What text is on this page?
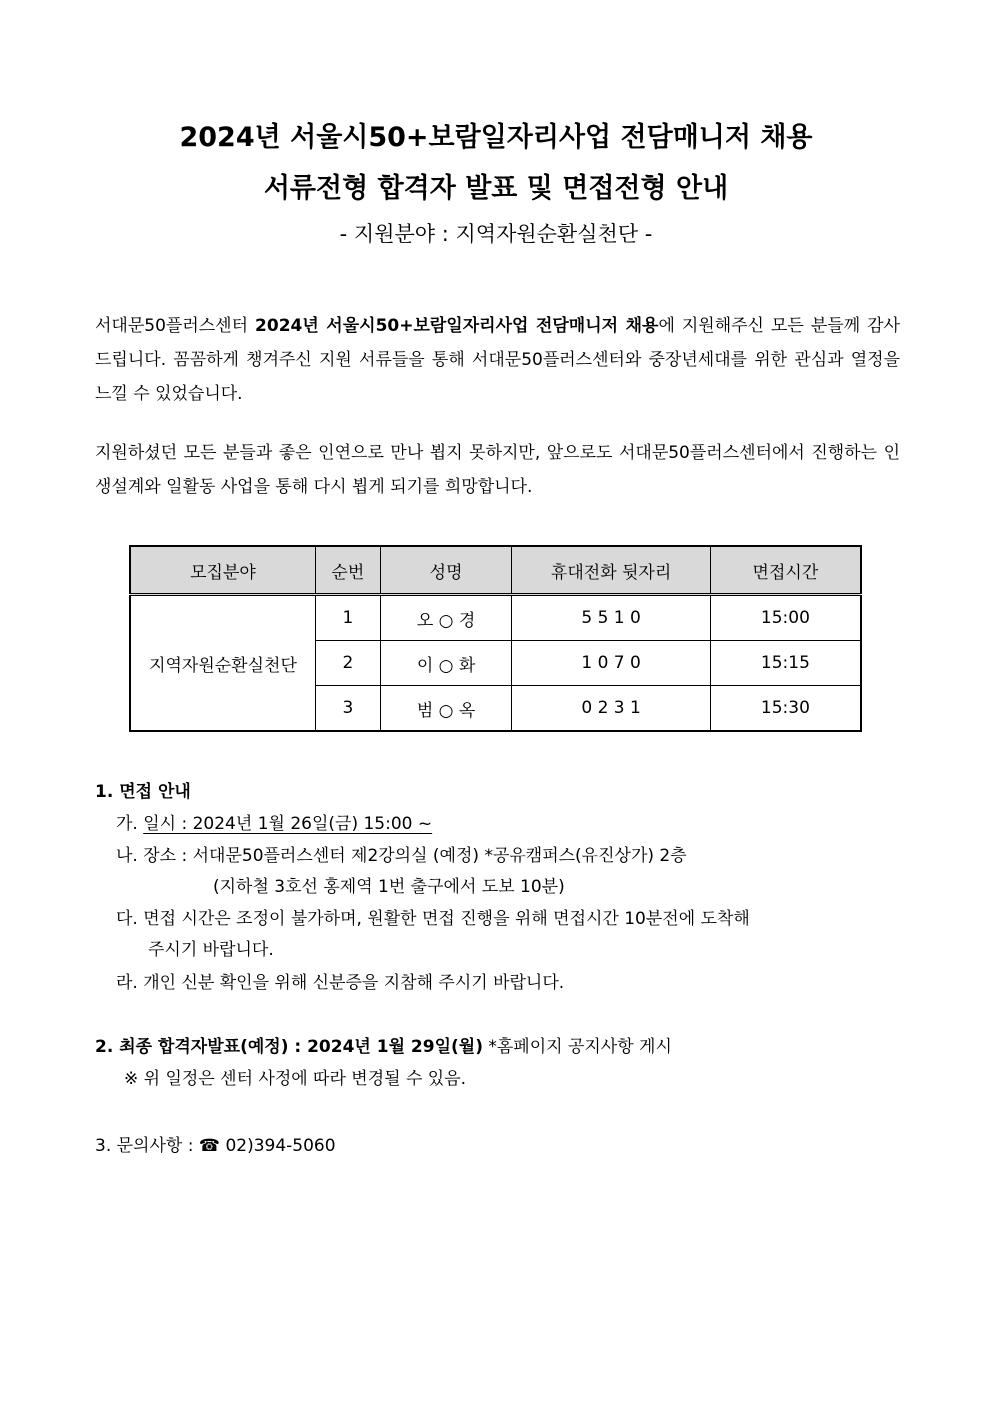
2024년 서울시50+보람일자리사업 전담매니저 채용
서류전형 합격자 발표 및 면접전형 안내
- 지원분야 : 지역자원순환실천단 -
서대문50플러스센터 2024년 서울시50+보람일자리사업 전담매니저 채용에 지원해주신 모든 분들께 감사드립니다. 꼼꼼하게 챙겨주신 지원 서류들을 통해 서대문50플러스센터와 중장년세대를 위한 관심과 열정을 느낄 수 있었습니다.
지원하셨던 모든 분들과 좋은 인연으로 만나 뵙지 못하지만, 앞으로도 서대문50플러스센터에서 진행하는 인생설계와 일활동 사업을 통해 다시 뵙게 되기를 희망합니다.
모집분야	순번	성명	휴대전화 뒷자리	면접시간
지역자원순환실천단	1	오 ○ 경	5 5 1 0	15:00
	2	이 ○ 화	1 0 7 0	15:15
	3	범 ○ 옥	0 2 3 1	15:30
1. 면접 안내
가. 일시 : 2024년 1월 26일(금) 15:00 ~
나. 장소 : 서대문50플러스센터 제2강의실 (예정) *공유캠퍼스(유진상가) 2층
(지하철 3호선 홍제역 1번 출구에서 도보 10분)
다. 면접 시간은 조정이 불가하며, 원활한 면접 진행을 위해 면접시간 10분전에 도착해
주시기 바랍니다.
라. 개인 신분 확인을 위해 신분증을 지참해 주시기 바랍니다.
2. 최종 합격자발표(예정) : 2024년 1월 29일(월) *홈페이지 공지사항 게시
※ 위 일정은 센터 사정에 따라 변경될 수 있음.
3. 문의사항 : ☎ 02)394-5060
